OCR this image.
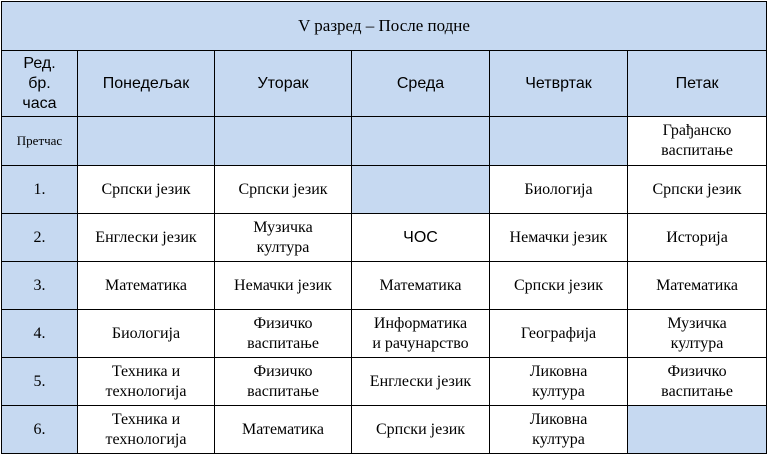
V разред – После подне					
Ред.
бр.
часа	Понедељак	Уторак	Среда	Четвртак	Петак
Претчас					Грађанско
вaспитање
1.	Српски језик	Српски језик		Биологија	Српски језик
2.	Енглески језик	Музичка
култура	ЧОС	Немачки језик	Историја
3.	Математика	Немачки језик	Математика	Српски језик	Математика
4.	Биологија	Физичко
вaспитање	Информатика
и рачунарство	Географија	Музичка
култура
5.	Техника и
технологија	Физичко
вaспитање	Енглески језик	Ликовна
култура	Физичко
вaспитање
6.	Техника и
технологија	Математика	Српски језик	Ликовна
култура	
